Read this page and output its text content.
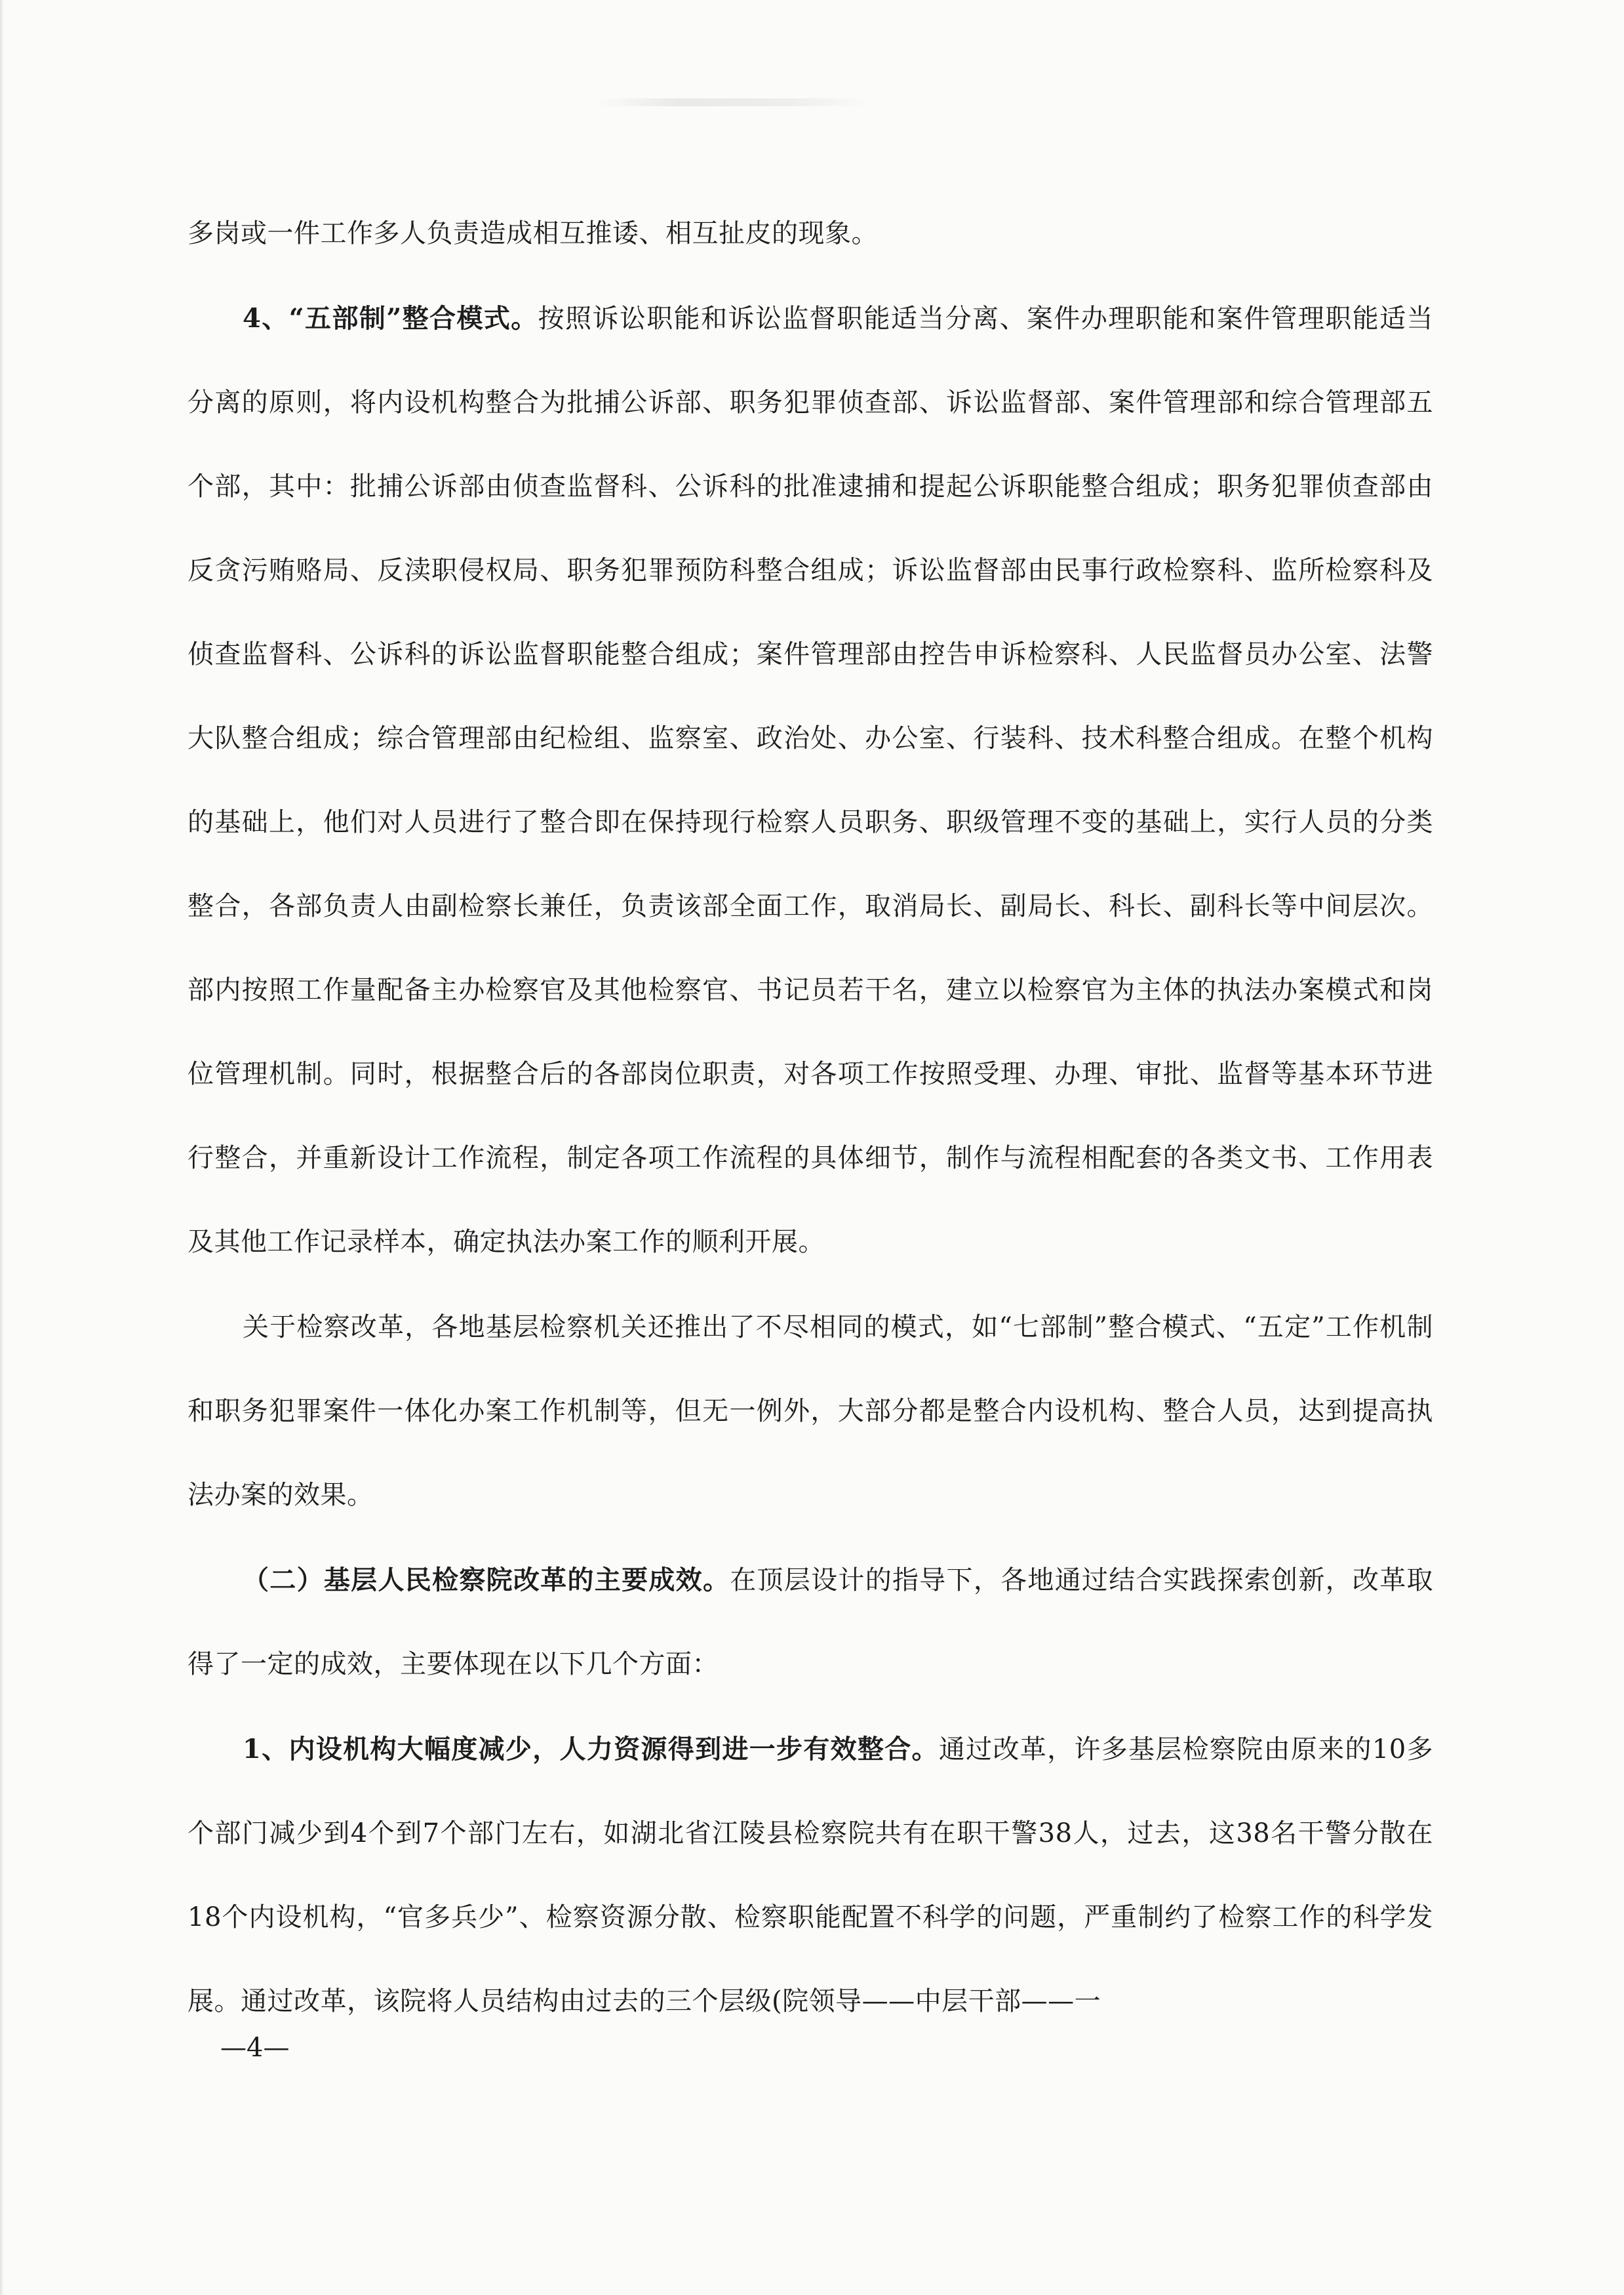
多岗或一件工作多人负责造成相互推诿、相互扯皮的现象。

4、“五部制”整合模式。按照诉讼职能和诉讼监督职能适当分离、案件办理职能和案件管理职能适当分离的原则，将内设机构整合为批捕公诉部、职务犯罪侦查部、诉讼监督部、案件管理部和综合管理部五个部，其中：批捕公诉部由侦查监督科、公诉科的批准逮捕和提起公诉职能整合组成；职务犯罪侦查部由反贪污贿赂局、反渎职侵权局、职务犯罪预防科整合组成；诉讼监督部由民事行政检察科、监所检察科及侦查监督科、公诉科的诉讼监督职能整合组成；案件管理部由控告申诉检察科、人民监督员办公室、法警大队整合组成；综合管理部由纪检组、监察室、政治处、办公室、行装科、技术科整合组成。在整个机构的基础上，他们对人员进行了整合即在保持现行检察人员职务、职级管理不变的基础上，实行人员的分类整合，各部负责人由副检察长兼任，负责该部全面工作，取消局长、副局长、科长、副科长等中间层次。部内按照工作量配备主办检察官及其他检察官、书记员若干名，建立以检察官为主体的执法办案模式和岗位管理机制。同时，根据整合后的各部岗位职责，对各项工作按照受理、办理、审批、监督等基本环节进行整合，并重新设计工作流程，制定各项工作流程的具体细节，制作与流程相配套的各类文书、工作用表及其他工作记录样本，确定执法办案工作的顺利开展。

关于检察改革，各地基层检察机关还推出了不尽相同的模式，如“七部制”整合模式、“五定”工作机制和职务犯罪案件一体化办案工作机制等，但无一例外，大部分都是整合内设机构、整合人员，达到提高执法办案的效果。

（二）基层人民检察院改革的主要成效。在顶层设计的指导下，各地通过结合实践探索创新，改革取得了一定的成效，主要体现在以下几个方面：

1、内设机构大幅度减少，人力资源得到进一步有效整合。通过改革，许多基层检察院由原来的10多个部门减少到4个到7个部门左右，如湖北省江陵县检察院共有在职干警38人，过去，这38名干警分散在18个内设机构，“官多兵少”、检察资源分散、检察职能配置不科学的问题，严重制约了检察工作的科学发展。通过改革，该院将人员结构由过去的三个层级(院领导——中层干部——一

—4—
